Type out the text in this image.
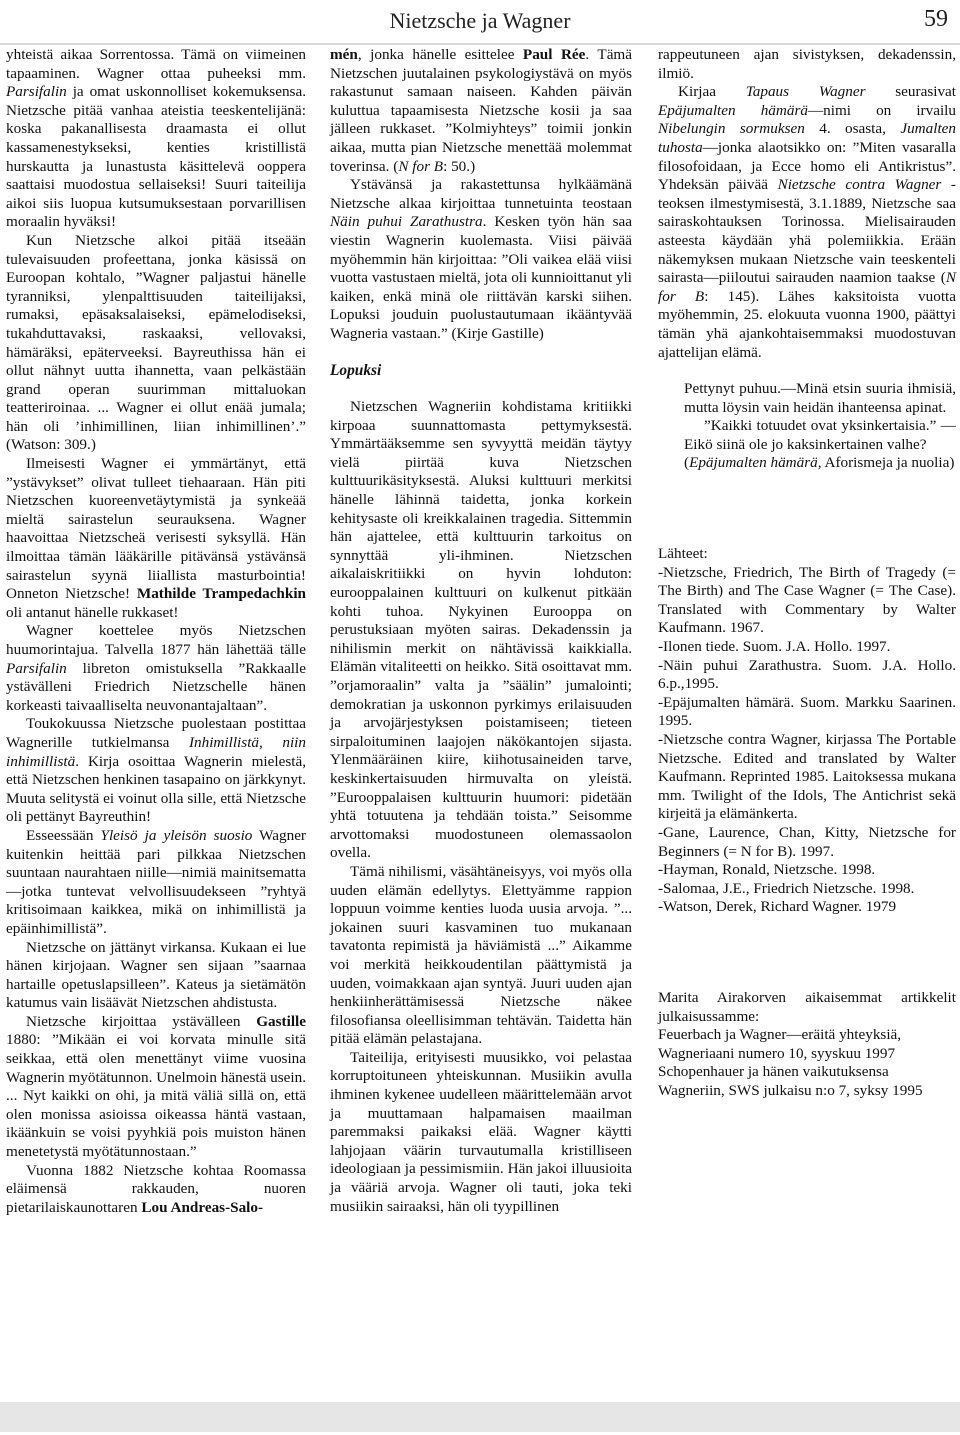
Nietzsche ja Wagner	59

yhteistä aikaa Sorrentossa. Tämä on viimeinen tapaaminen. Wagner ottaa puheeksi mm. Parsifalin ja omat uskonnolliset kokemuksensa. Nietzsche pitää vanhaa ateistia teeskentelijänä: koska pakanallisesta draamasta ei ollut kassamenestykseksi, kenties kristillistä hurskautta ja lunastusta käsittelevä ooppera saattaisi muodostua sellaiseksi! Suuri taiteilija aikoi siis luopua kutsumuksestaan porvarillisen moraalin hyväksi!

Kun Nietzsche alkoi pitää itseään tulevaisuuden profeettana, jonka käsissä on Euroopan kohtalo, ”Wagner paljastui hänelle tyranniksi, ylenpalttisuuden taiteilijaksi, rumaksi, epäsaksalaiseksi, epämelodiseksi, tukahduttavaksi, raskaaksi, vellovaksi, hämäräksi, epäterveeksi. Bayreuthissa hän ei ollut nähnyt uutta ihannetta, vaan pelkästään grand operan suurimman mittaluokan teatteriroinaa. ... Wagner ei ollut enää jumala; hän oli ’inhimillinen, liian inhimillinen’.” (Watson: 309.)

Ilmeisesti Wagner ei ymmärtänyt, että ”ystävykset” olivat tulleet tiehaaraan. Hän piti Nietzschen kuoreenvetäytymistä ja synkeää mieltä sairastelun seurauksena. Wagner haavoittaa Nietzscheä verisesti syksyllä. Hän ilmoittaa tämän lääkärille pitävänsä ystävänsä sairastelun syynä liiallista masturbointia! Onneton Nietzsche! Mathilde Trampedachkin oli antanut hänelle rukkaset!

Wagner koettelee myös Nietzschen huumorintajua. Talvella 1877 hän lähettää tälle Parsifalin libreton omistuksella ”Rakkaalle ystävälleni Friedrich Nietzschelle hänen korkeasti taivaalliselta neuvonantajaltaan”.

Toukokuussa Nietzsche puolestaan postittaa Wagnerille tutkielmansa Inhimillistä, niin inhimillistä. Kirja osoittaa Wagnerin mielestä, että Nietzschen henkinen tasapaino on järkkynyt. Muuta selitystä ei voinut olla sille, että Nietzsche oli pettänyt Bayreuthin!

Esseessään Yleisö ja yleisön suosio Wagner kuitenkin heittää pari pilkkaa Nietzschen suuntaan naurahtaen niille—nimiä mainitsematta—jotka tuntevat velvollisuudekseen ”ryhtyä kritisoimaan kaikkea, mikä on inhimillistä ja epäinhimillistä”.

Nietzsche on jättänyt virkansa. Kukaan ei lue hänen kirjojaan. Wagner sen sijaan ”saarnaa hartaille opetuslapsilleen”. Kateus ja sietämätön katumus vain lisäävät Nietzschen ahdistusta.

Nietzsche kirjoittaa ystävälleen Gastille 1880: ”Mikään ei voi korvata minulle sitä seikkaa, että olen menettänyt viime vuosina Wagnerin myötätunnon. Unelmoin hänestä usein. ... Nyt kaikki on ohi, ja mitä väliä sillä on, että olen monissa asioissa oikeassa häntä vastaan, ikäänkuin se voisi pyyhkiä pois muiston hänen menetetystä myötätunnostaan.”

Vuonna 1882 Nietzsche kohtaa Roomassa eläimensä rakkauden, nuoren pietarilaiskaunottaren Lou Andreas-Salo-

mén, jonka hänelle esittelee Paul Rée. Tämä Nietzschen juutalainen psykologiystävä on myös rakastunut samaan naiseen. Kahden päivän kuluttua tapaamisesta Nietzsche kosii ja saa jälleen rukkaset. ”Kolmiyhteys” toimii jonkin aikaa, mutta pian Nietzsche menettää molemmat toverinsa. (N for B: 50.)

Ystävänsä ja rakastettunsa hylkäämänä Nietzsche alkaa kirjoittaa tunnetuinta teostaan Näin puhui Zarathustra. Kesken työn hän saa viestin Wagnerin kuolemasta. Viisi päivää myöhemmin hän kirjoittaa: ”Oli vaikea elää viisi vuotta vastustaen mieltä, jota oli kunnioittanut yli kaiken, enkä minä ole riittävän karski siihen. Lopuksi jouduin puolustautumaan ikääntyvää Wagneria vastaan.” (Kirje Gastille)

Lopuksi

Nietzschen Wagneriin kohdistama kritiikki kirpoaa suunnattomasta pettymyksestä. Ymmärtääksemme sen syvyyttä meidän täytyy vielä piirtää kuva Nietzschen kulttuurikäsityksestä. Aluksi kulttuuri merkitsi hänelle lähinnä taidetta, jonka korkein kehitysaste oli kreikkalainen tragedia. Sittemmin hän ajattelee, että kulttuurin tarkoitus on synnyttää yli-ihminen. Nietzschen aikalaiskritiikki on hyvin lohduton: eurooppalainen kulttuuri on kulkenut pitkään kohti tuhoa. Nykyinen Eurooppa on perustuksiaan myöten sairas. Dekadenssin ja nihilismin merkit on nähtävissä kaikkialla. Elämän vitaliteetti on heikko. Sitä osoittavat mm. ”orjamoraalin” valta ja ”säälin” jumalointi; demokratian ja uskonnon pyrkimys erilaisuuden ja arvojärjestyksen poistamiseen; tieteen sirpaloituminen laajojen näkökantojen sijasta. Ylenmääräinen kiire, kiihotusaineiden tarve, keskinkertaisuuden hirmuvalta on yleistä. ”Eurooppalaisen kulttuurin huumori: pidetään yhtä totuutena ja tehdään toista.” Seisomme arvottomaksi muodostuneen olemassaolon ovella.

Tämä nihilismi, väsähtäneisyys, voi myös olla uuden elämän edellytys. Elettyämme rappion loppuun voimme kenties luoda uusia arvoja. ”... jokainen suuri kasvaminen tuo mukanaan tavatonta repimistä ja häviämistä ...” Aikamme voi merkitä heikkoudentilan päättymistä ja uuden, voimakkaan ajan syntyä. Juuri uuden ajan henkiinherättämisessä Nietzsche näkee filosofiansa oleellisimman tehtävän. Taidetta hän pitää elämän pelastajana.

Taiteilija, erityisesti muusikko, voi pelastaa korruptoituneen yhteiskunnan. Musiikin avulla ihminen kykenee uudelleen määrittelemään arvot ja muuttamaan halpamaisen maailman paremmaksi paikaksi elää. Wagner käytti lahjojaan väärin turvautumalla kristilliseen ideologiaan ja pessimismiin. Hän jakoi illuusioita ja vääriä arvoja. Wagner oli tauti, joka teki musiikin sairaaksi, hän oli tyypillinen

rappeutuneen ajan sivistyksen, dekadenssin, ilmiö.

Kirjaa Tapaus Wagner seurasivat Epäjumalten hämärä—nimi on irvailu Nibelungin sormuksen 4. osasta, Jumalten tuhosta—jonka alaotsikko on: ”Miten vasaralla filosofoidaan, ja Ecce homo eli Antikristus”. Yhdeksän päivää Nietzsche contra Wagner -teoksen ilmestymisestä, 3.1.1889, Nietzsche saa sairaskohtauksen Torinossa. Mielisairauden asteesta käydään yhä polemiikkia. Erään näkemyksen mukaan Nietzsche vain teeskenteli sairasta—piiloutui sairauden naamion taakse (N for B: 145). Lähes kaksitoista vuotta myöhemmin, 25. elokuuta vuonna 1900, päättyi tämän yhä ajankohtaisemmaksi muodostuvan ajattelijan elämä.

Pettynyt puhuu.—Minä etsin suuria ihmisiä, mutta löysin vain heidän ihanteensa apinat.

”Kaikki totuudet ovat yksinkertaisia.” —Eikö siinä ole jo kaksinkertainen valhe?

(Epäjumalten hämärä, Aforismeja ja nuolia)

Lähteet:

-Nietzsche, Friedrich, The Birth of Tragedy (= The Birth) and The Case Wagner (= The Case). Translated with Commentary by Walter Kaufmann. 1967.

-Ilonen tiede. Suom. J.A. Hollo. 1997.

-Näin puhui Zarathustra. Suom. J.A. Hollo. 6.p.,1995.

-Epäjumalten hämärä. Suom. Markku Saarinen. 1995.

-Nietzsche contra Wagner, kirjassa The Portable Nietzsche. Edited and translated by Walter Kaufmann. Reprinted 1985. Laitoksessa mukana mm. Twilight of the Idols, The Antichrist sekä kirjeitä ja elämänkerta.

-Gane, Laurence, Chan, Kitty, Nietzsche for Beginners (= N for B). 1997.

-Hayman, Ronald, Nietzsche. 1998.

-Salomaa, J.E., Friedrich Nietzsche. 1998.

-Watson, Derek, Richard Wagner. 1979

Marita Airakorven aikaisemmat artikkelit julkaisussamme:

Feuerbach ja Wagner—eräitä yhteyksiä, Wagneriaani numero 10, syyskuu 1997

Schopenhauer ja hänen vaikutuksensa Wagneriin, SWS julkaisu n:o 7, syksy 1995
